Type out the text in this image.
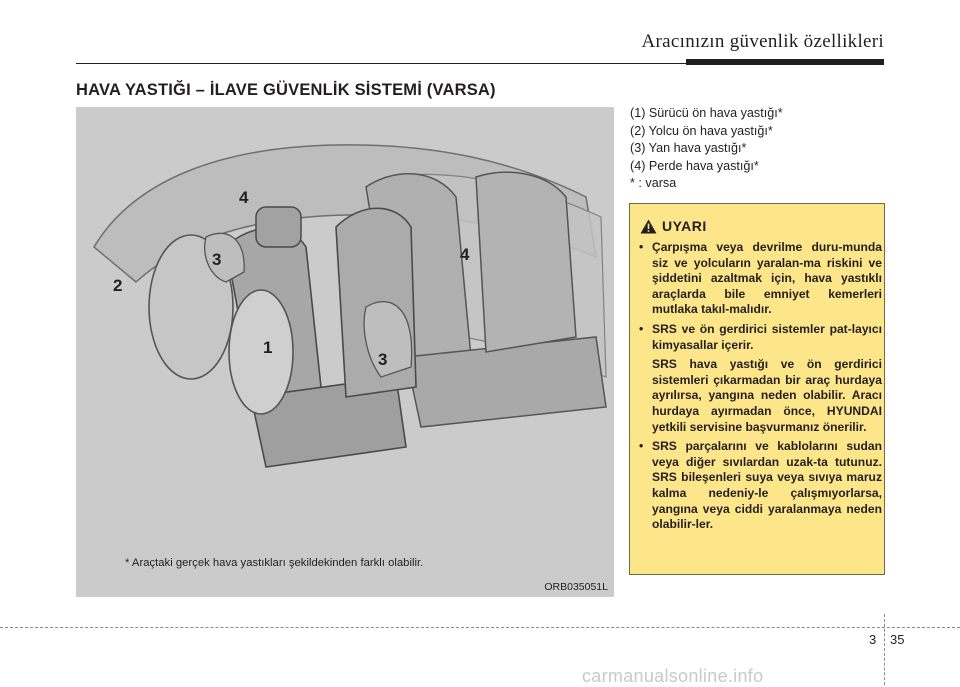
Aracınızın güvenlik özellikleri
HAVA YASTIĞI – İLAVE GÜVENLİK SİSTEMİ (VARSA)
2
1
3
3
4
4
* Araçtaki gerçek hava yastıkları şekildekinden farklı olabilir.
ORB035051L
(1) Sürücü ön hava yastığı*
(2) Yolcu ön hava yastığı*
(3) Yan hava yastığı*
(4) Perde hava yastığı*
* : varsa
UYARI
• Çarpışma veya devrilme duru-munda siz ve yolcuların yaralan-ma riskini ve şiddetini azaltmak için, hava yastıklı araçlarda bile emniyet kemerleri mutlaka takıl-malıdır.

• SRS ve ön gerdirici sistemler pat-layıcı kimyasallar içerir.

SRS hava yastığı ve ön gerdirici sistemleri çıkarmadan bir araç hurdaya ayrılırsa, yangına neden olabilir. Aracı hurdaya ayırmadan önce, HYUNDAI yetkili servisine başvurmanız önerilir.

• SRS parçalarını ve kablolarını sudan veya diğer sıvılardan uzak-ta tutunuz. SRS bileşenleri suya veya sıvıya maruz kalma nedeniy-le çalışmıyorlarsa, yangına veya ciddi yaralanmaya neden olabilir-ler.

3 35
carmanualsonline.info
